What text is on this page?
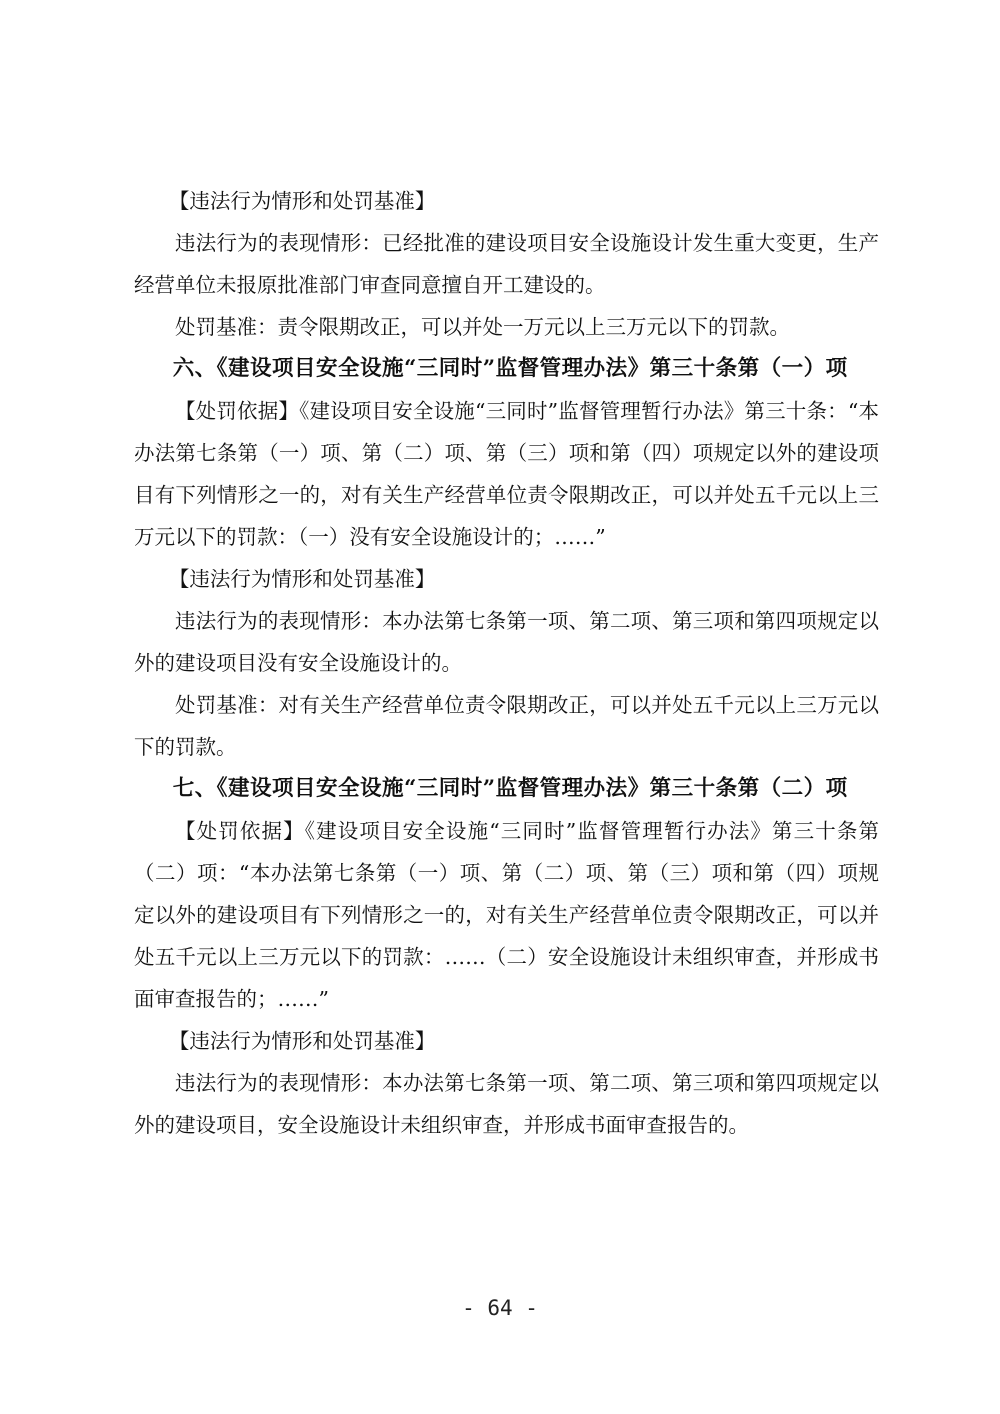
【违法行为情形和处罚基准】

违法行为的表现情形：已经批准的建设项目安全设施设计发生重大变更，生产经营单位未报原批准部门审查同意擅自开工建设的。

处罚基准：责令限期改正，可以并处一万元以上三万元以下的罚款。

六、《建设项目安全设施“三同时”监督管理办法》第三十条第（一）项

【处罚依据】《建设项目安全设施“三同时”监督管理暂行办法》第三十条：“本办法第七条第（一）项、第（二）项、第（三）项和第（四）项规定以外的建设项目有下列情形之一的，对有关生产经营单位责令限期改正，可以并处五千元以上三万元以下的罚款：（一）没有安全设施设计的；……”

【违法行为情形和处罚基准】

违法行为的表现情形：本办法第七条第一项、第二项、第三项和第四项规定以外的建设项目没有安全设施设计的。

处罚基准：对有关生产经营单位责令限期改正，可以并处五千元以上三万元以下的罚款。

七、《建设项目安全设施“三同时”监督管理办法》第三十条第（二）项

【处罚依据】《建设项目安全设施“三同时”监督管理暂行办法》第三十条第（二）项：“本办法第七条第（一）项、第（二）项、第（三）项和第（四）项规定以外的建设项目有下列情形之一的，对有关生产经营单位责令限期改正，可以并处五千元以上三万元以下的罚款：……（二）安全设施设计未组织审查，并形成书面审查报告的；……”

【违法行为情形和处罚基准】

违法行为的表现情形：本办法第七条第一项、第二项、第三项和第四项规定以外的建设项目，安全设施设计未组织审查，并形成书面审查报告的。

- 64 -
